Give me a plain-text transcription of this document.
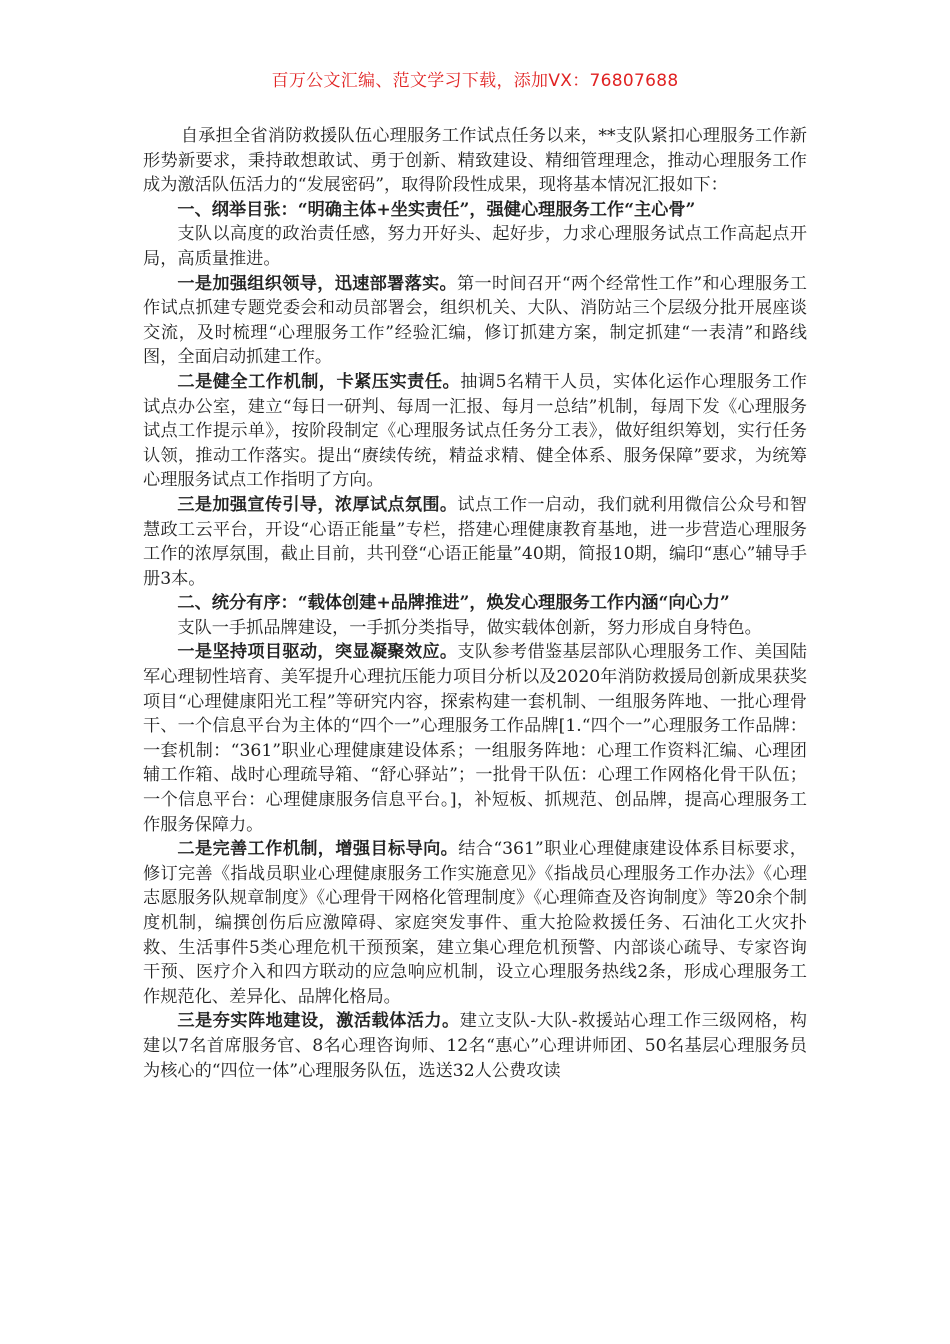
百万公文汇编、范文学习下载，添加VX：76807688

自承担全省消防救援队伍心理服务工作试点任务以来，**支队紧扣心理服务工作新形势新要求，秉持敢想敢试、勇于创新、精致建设、精细管理理念，推动心理服务工作成为激活队伍活力的“发展密码”，取得阶段性成果，现将基本情况汇报如下：

一、纲举目张：“明确主体+坐实责任”，强健心理服务工作“主心骨”

支队以高度的政治责任感，努力开好头、起好步，力求心理服务试点工作高起点开局，高质量推进。

一是加强组织领导，迅速部署落实。第一时间召开“两个经常性工作”和心理服务工作试点抓建专题党委会和动员部署会，组织机关、大队、消防站三个层级分批开展座谈交流，及时梳理“心理服务工作”经验汇编，修订抓建方案，制定抓建“一表清”和路线图，全面启动抓建工作。

二是健全工作机制，卡紧压实责任。抽调5名精干人员，实体化运作心理服务工作试点办公室，建立“每日一研判、每周一汇报、每月一总结”机制，每周下发《心理服务试点工作提示单》，按阶段制定《心理服务试点任务分工表》，做好组织筹划，实行任务认领，推动工作落实。提出“赓续传统，精益求精、健全体系、服务保障”要求，为统筹心理服务试点工作指明了方向。

三是加强宣传引导，浓厚试点氛围。试点工作一启动，我们就利用微信公众号和智慧政工云平台，开设“心语正能量”专栏，搭建心理健康教育基地，进一步营造心理服务工作的浓厚氛围，截止目前，共刊登“心语正能量”40期，简报10期，编印“惠心”辅导手册3本。

二、统分有序：“载体创建+品牌推进”，焕发心理服务工作内涵“向心力”

支队一手抓品牌建设，一手抓分类指导，做实载体创新，努力形成自身特色。

一是坚持项目驱动，突显凝聚效应。支队参考借鉴基层部队心理服务工作、美国陆军心理韧性培育、美军提升心理抗压能力项目分析以及2020年消防救援局创新成果获奖项目“心理健康阳光工程”等研究内容，探索构建一套机制、一组服务阵地、一批心理骨干、一个信息平台为主体的“四个一”心理服务工作品牌[1.“四个一”心理服务工作品牌：一套机制：“361”职业心理健康建设体系；一组服务阵地：心理工作资料汇编、心理团辅工作箱、战时心理疏导箱、“舒心驿站”；一批骨干队伍：心理工作网格化骨干队伍；一个信息平台：心理健康服务信息平台。]，补短板、抓规范、创品牌，提高心理服务工作服务保障力。

二是完善工作机制，增强目标导向。结合“361”职业心理健康建设体系目标要求，修订完善《指战员职业心理健康服务工作实施意见》《指战员心理服务工作办法》《心理志愿服务队规章制度》《心理骨干网格化管理制度》《心理筛查及咨询制度》等20余个制度机制，编撰创伤后应激障碍、家庭突发事件、重大抢险救援任务、石油化工火灾扑救、生活事件5类心理危机干预预案，建立集心理危机预警、内部谈心疏导、专家咨询干预、医疗介入和四方联动的应急响应机制，设立心理服务热线2条，形成心理服务工作规范化、差异化、品牌化格局。

三是夯实阵地建设，激活载体活力。建立支队-大队-救援站心理工作三级网格，构建以7名首席服务官、8名心理咨询师、12名“惠心”心理讲师团、50名基层心理服务员为核心的“四位一体”心理服务队伍，选送32人公费攻读
